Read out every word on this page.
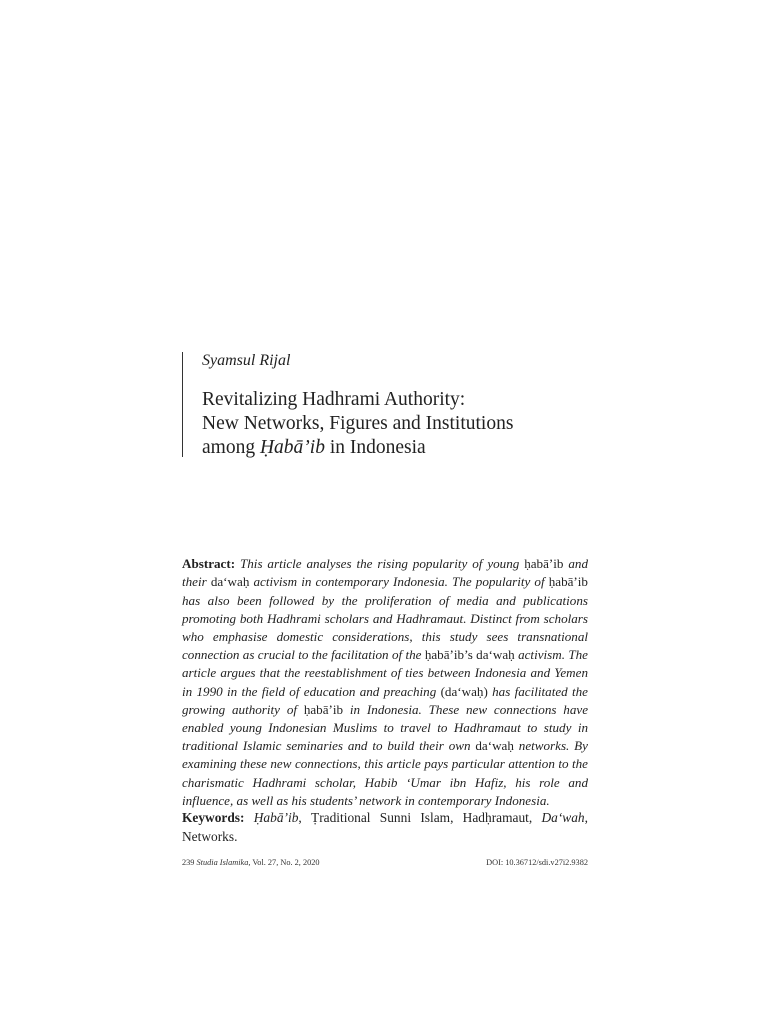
Syamsul Rijal
Revitalizing Hadhrami Authority:
New Networks, Figures and Institutions
among Ḥabā’ib in Indonesia

Abstract: This article analyses the rising popularity of young ḥabā’ib and their da‘waḥ activism in contemporary Indonesia. The popularity of ḥabā’ib has also been followed by the proliferation of media and publications promoting both Hadhrami scholars and Hadhramaut. Distinct from scholars who emphasise domestic considerations, this study sees transnational connection as crucial to the facilitation of the ḥabā’ib’s da‘waḥ activism. The article argues that the reestablishment of ties between Indonesia and Yemen in 1990 in the field of education and preaching (da‘waḥ) has facilitated the growing authority of ḥabā’ib in Indonesia. These new connections have enabled young Indonesian Muslims to travel to Hadhramaut to study in traditional Islamic seminaries and to build their own da‘waḥ networks. By examining these new connections, this article pays particular attention to the charismatic Hadhrami scholar, Habib ‘Umar ibn Hafiz, his role and influence, as well as his students’ network in contemporary Indonesia.

Keywords: Ḥabā’ib, Ṭraditional Sunni Islam, Hadḥramaut, Da‘wah, Networks.

239 Studia Islamika, Vol. 27, No. 2, 2020	DOI: 10.36712/sdi.v27i2.9382
